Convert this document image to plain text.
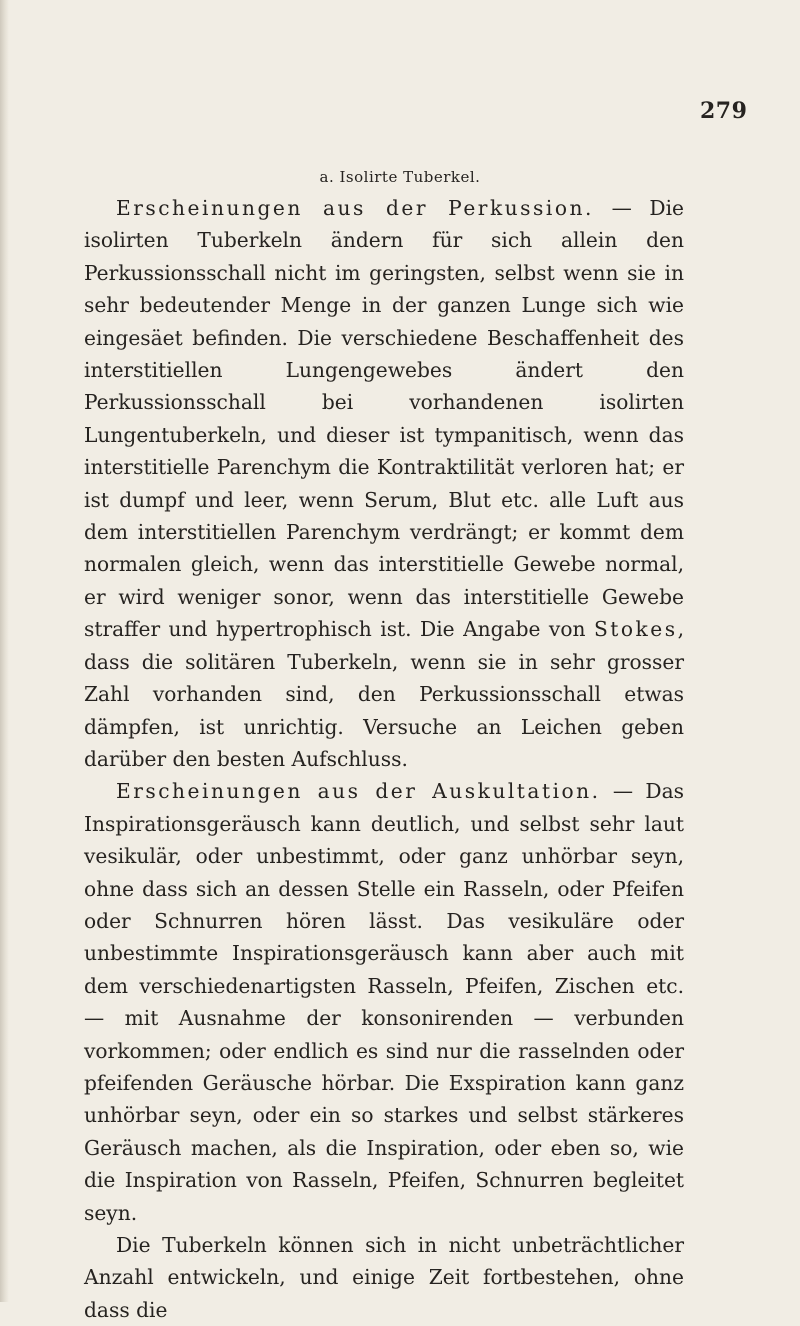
279
a. Isolirte Tuberkel.

Erscheinungen aus der Perkussion. — Die isolirten Tuberkeln ändern für sich allein den Perkussionsschall nicht im geringsten, selbst wenn sie in sehr bedeutender Menge in der ganzen Lunge sich wie eingesäet befinden. Die verschiedene Beschaffenheit des interstitiellen Lungengewebes ändert den Perkussionsschall bei vorhandenen isolirten Lungentuberkeln, und dieser ist tympanitisch, wenn das interstitielle Parenchym die Kontraktilität verloren hat; er ist dumpf und leer, wenn Serum, Blut etc. alle Luft aus dem interstitiellen Parenchym verdrängt; er kommt dem normalen gleich, wenn das interstitielle Gewebe normal, er wird weniger sonor, wenn das interstitielle Gewebe straffer und hypertrophisch ist. Die Angabe von Stokes, dass die solitären Tuberkeln, wenn sie in sehr grosser Zahl vorhanden sind, den Perkussionsschall etwas dämpfen, ist unrichtig. Versuche an Leichen geben darüber den besten Aufschluss.

Erscheinungen aus der Auskultation. — Das Inspirationsgeräusch kann deutlich, und selbst sehr laut vesikulär, oder unbestimmt, oder ganz unhörbar seyn, ohne dass sich an dessen Stelle ein Rasseln, oder Pfeifen oder Schnurren hören lässt. Das vesikuläre oder unbestimmte Inspirationsgeräusch kann aber auch mit dem verschiedenartigsten Rasseln, Pfeifen, Zischen etc. — mit Ausnahme der konsonirenden — verbunden vorkommen; oder endlich es sind nur die rasselnden oder pfeifenden Geräusche hörbar. Die Exspiration kann ganz unhörbar seyn, oder ein so starkes und selbst stärkeres Geräusch machen, als die Inspiration, oder eben so, wie die Inspiration von Rasseln, Pfeifen, Schnurren begleitet seyn.

Die Tuberkeln können sich in nicht unbeträchtlicher Anzahl entwickeln, und einige Zeit fortbestehen, ohne dass die
